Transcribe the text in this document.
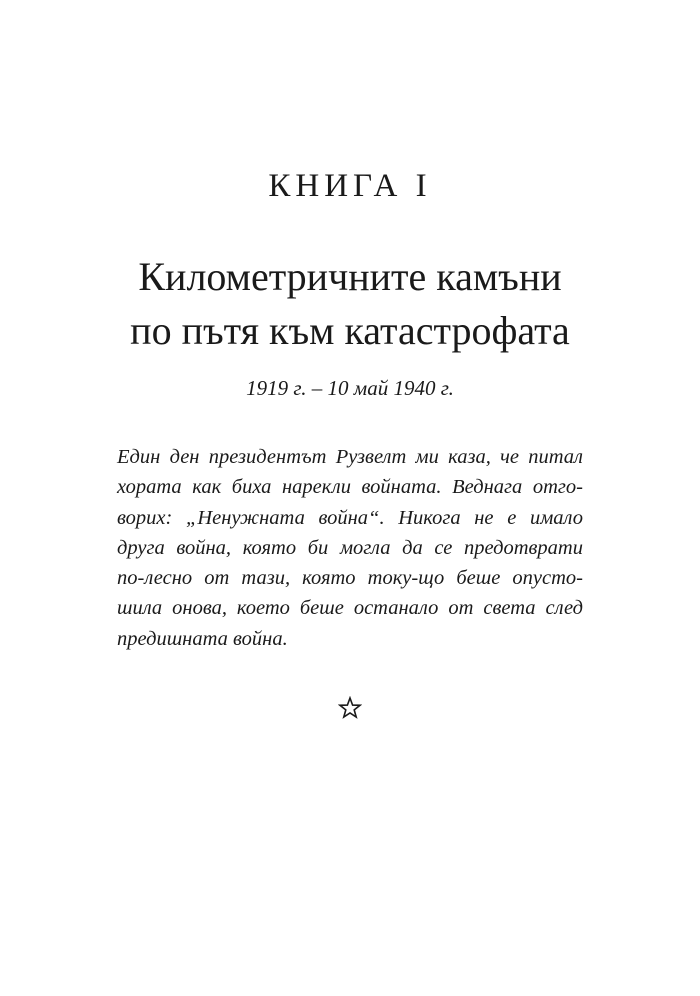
КНИГА I
Километричните камъни
по пътя към катастрофата
1919 г. – 10 май 1940 г.
Един ден президентът Рузвелт ми каза, че питал
хората как биха нарекли войната. Веднага отго-
ворих: „Ненужната война“. Никога не е имало
друга война, която би могла да се предотврати
по-лесно от тази, която току-що беше опусто-
шила онова, което беше останало от света след
предишната война.
